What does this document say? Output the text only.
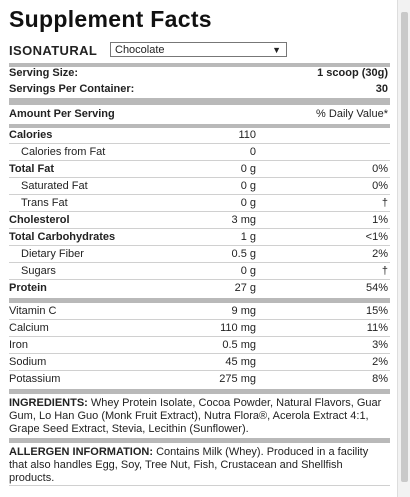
Supplement Facts
ISONATURAL	Chocolate	▼
Serving Size:	1 scoop (30g)
Servings Per Container:	30
Amount Per Serving	% Daily Value*
Calories	110
Calories from Fat	0
Total Fat	0 g	0%
Saturated Fat	0 g	0%
Trans Fat	0 g	†
Cholesterol	3 mg	1%
Total Carbohydrates	1 g	<1%
Dietary Fiber	0.5 g	2%
Sugars	0 g	†
Protein	27 g	54%
Vitamin C	9 mg	15%
Calcium	110 mg	11%
Iron	0.5 mg	3%
Sodium	45 mg	2%
Potassium	275 mg	8%
INGREDIENTS: Whey Protein Isolate, Cocoa Powder, Natural Flavors, Guar Gum, Lo Han Guo (Monk Fruit Extract), Nutra Flora®, Acerola Extract 4:1, Grape Seed Extract, Stevia, Lecithin (Sunflower).
ALLERGEN INFORMATION: Contains Milk (Whey). Produced in a facility that also handles Egg, Soy, Tree Nut, Fish, Crustacean and Shellfish products.
